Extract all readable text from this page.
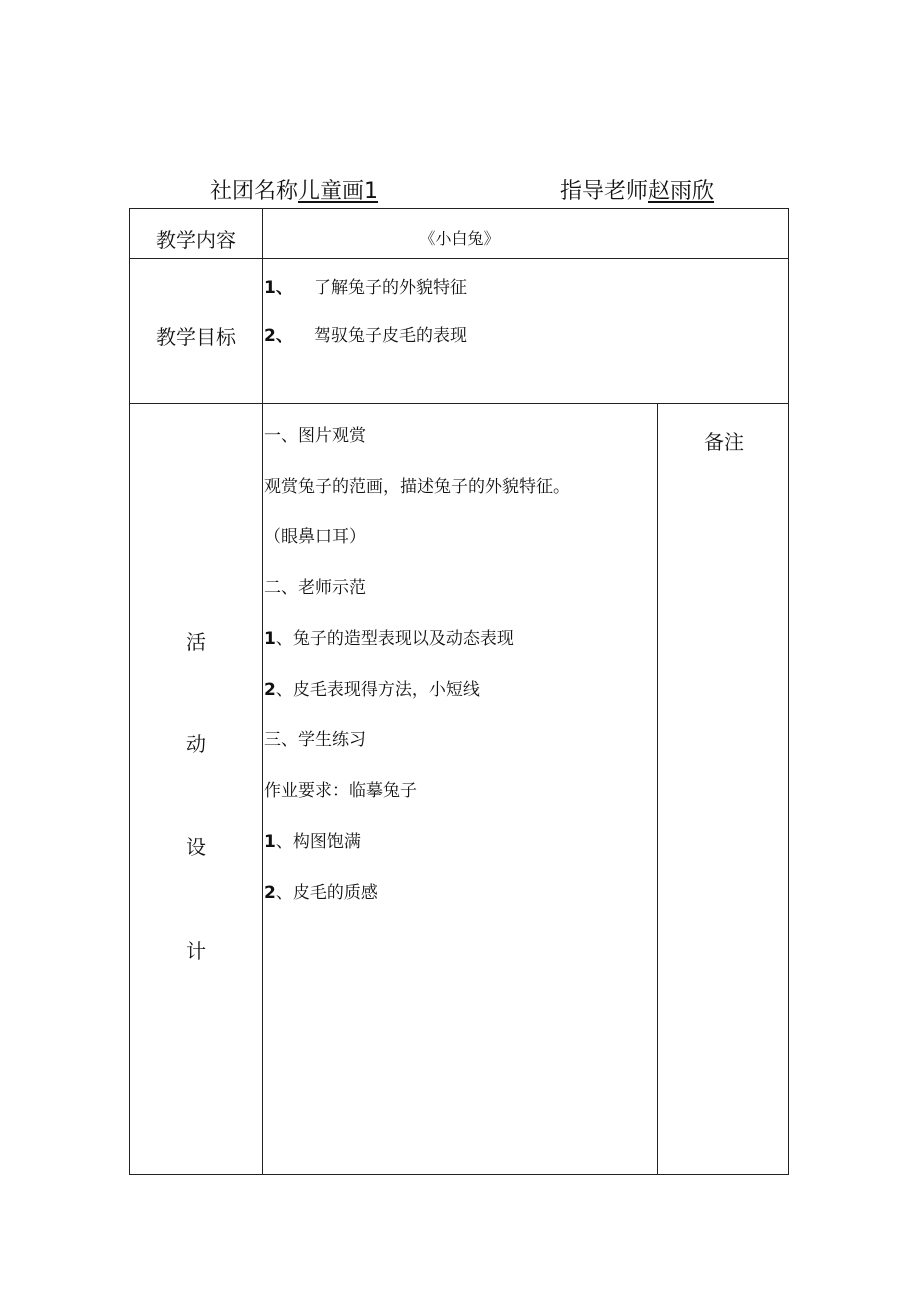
社团名称儿童画1	指导老师赵雨欣
教学内容	《小白兔》
教学目标
1、 了解兔子的外貌特征
2、 驾驭兔子皮毛的表现
活
动
设
计
备注
一、图片观赏
观赏兔子的范画，描述兔子的外貌特征。
（眼鼻口耳）
二、老师示范
1、兔子的造型表现以及动态表现
2、皮毛表现得方法，小短线
三、学生练习
作业要求：临摹兔子
1、构图饱满
2、皮毛的质感
